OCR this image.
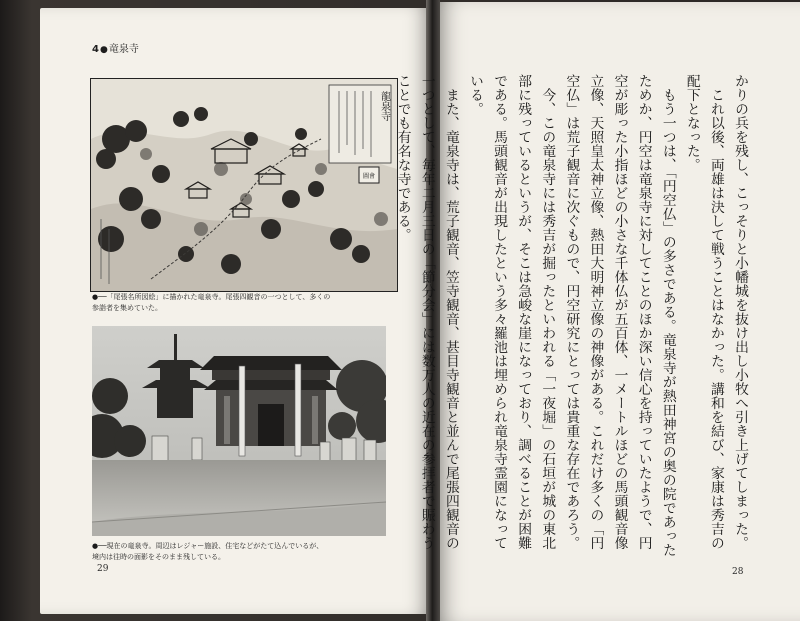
4●竜泉寺
龍泉寺
圖會
●──「尾張名所図絵」に描かれた竜泉寺。尾張四観音の一つとして、多くの
参詣者を集めていた。
●──現在の竜泉寺。周辺はレジャー施設、住宅などがたて込んでいるが、
境内は往時の面影をそのまま残している。
29

かりの兵を残し、こっそりと小幡城を抜け出し小牧へ引き上げてしまった。

　これ以後、両雄は決して戦うことはなかった。講和を結び、家康は秀吉の配下となった。

　もう一つは、「円空仏」の多さである。竜泉寺が熱田神宮の奥の院であったためか、円空は竜泉寺に対してことのほか深い信心を持っていたようで、円空が彫った小指ほどの小さな千体仏が五百体、一メートルほどの馬頭観音像立像、天照皇太神立像、熱田大明神立像の神像がある。これだけ多くの「円空仏」は荒子観音に次ぐもので、円空研究にとっては貴重な存在であろう。

　今、この竜泉寺には秀吉が掘ったといわれる「一夜堀」の石垣が城の東北部に残っているというが、そこは急峻な崖になっており、調べることが困難である。馬頭観音が出現したという多々羅池は埋められ竜泉寺霊園になっている。

　また、竜泉寺は、荒子観音、笠寺観音、甚目寺観音と並んで尾張四観音の一つとして、毎年二月三日の「節分会」には数万人の近在の参拝者で賑わうことでも有名な寺である。

28
